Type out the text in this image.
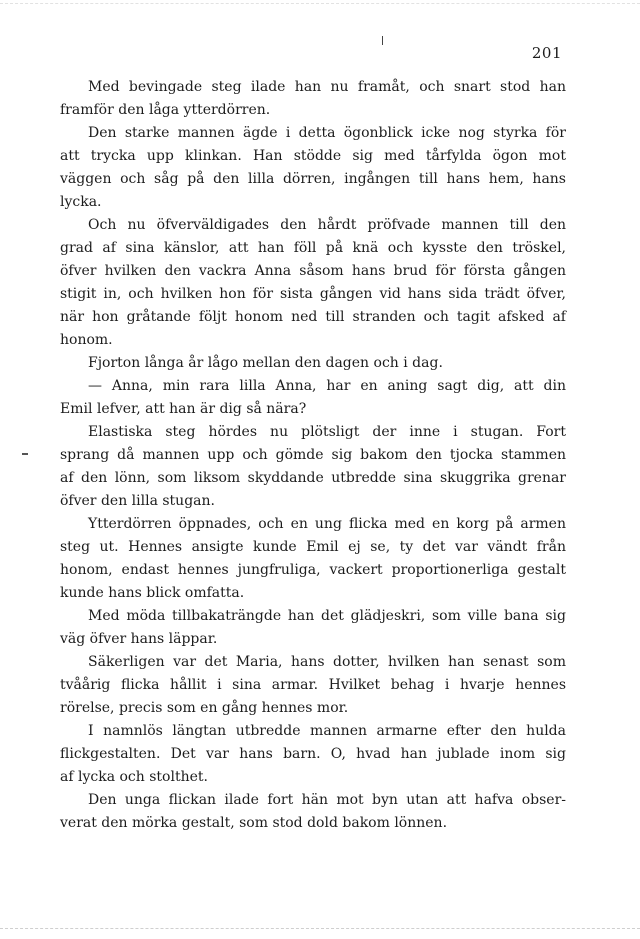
201
Med bevingade steg ilade han nu framåt, och snart stod han
framför den låga ytterdörren.
Den starke mannen ägde i detta ögonblick icke nog styrka för
att trycka upp klinkan. Han stödde sig med tårfylda ögon mot
väggen och såg på den lilla dörren, ingången till hans hem, hans
lycka.
Och nu öfverväldigades den hårdt pröfvade mannen till den
grad af sina känslor, att han föll på knä och kysste den tröskel,
öfver hvilken den vackra Anna såsom hans brud för första gången
stigit in, och hvilken hon för sista gången vid hans sida trädt öfver,
när hon gråtande följt honom ned till stranden och tagit afsked af
honom.
Fjorton långa år lågo mellan den dagen och i dag.
— Anna, min rara lilla Anna, har en aning sagt dig, att din
Emil lefver, att han är dig så nära?
Elastiska steg hördes nu plötsligt der inne i stugan. Fort
sprang då mannen upp och gömde sig bakom den tjocka stammen
af den lönn, som liksom skyddande utbredde sina skuggrika grenar
öfver den lilla stugan.
Ytterdörren öppnades, och en ung flicka med en korg på armen
steg ut. Hennes ansigte kunde Emil ej se, ty det var vändt från
honom, endast hennes jungfruliga, vackert proportionerliga gestalt
kunde hans blick omfatta.
Med möda tillbakaträngde han det glädjeskri, som ville bana sig
väg öfver hans läppar.
Säkerligen var det Maria, hans dotter, hvilken han senast som
tvåårig flicka hållit i sina armar. Hvilket behag i hvarje hennes
rörelse, precis som en gång hennes mor.
I namnlös längtan utbredde mannen armarne efter den hulda
flickgestalten. Det var hans barn. O, hvad han jublade inom sig
af lycka och stolthet.
Den unga flickan ilade fort hän mot byn utan att hafva obser-
verat den mörka gestalt, som stod dold bakom lönnen.
